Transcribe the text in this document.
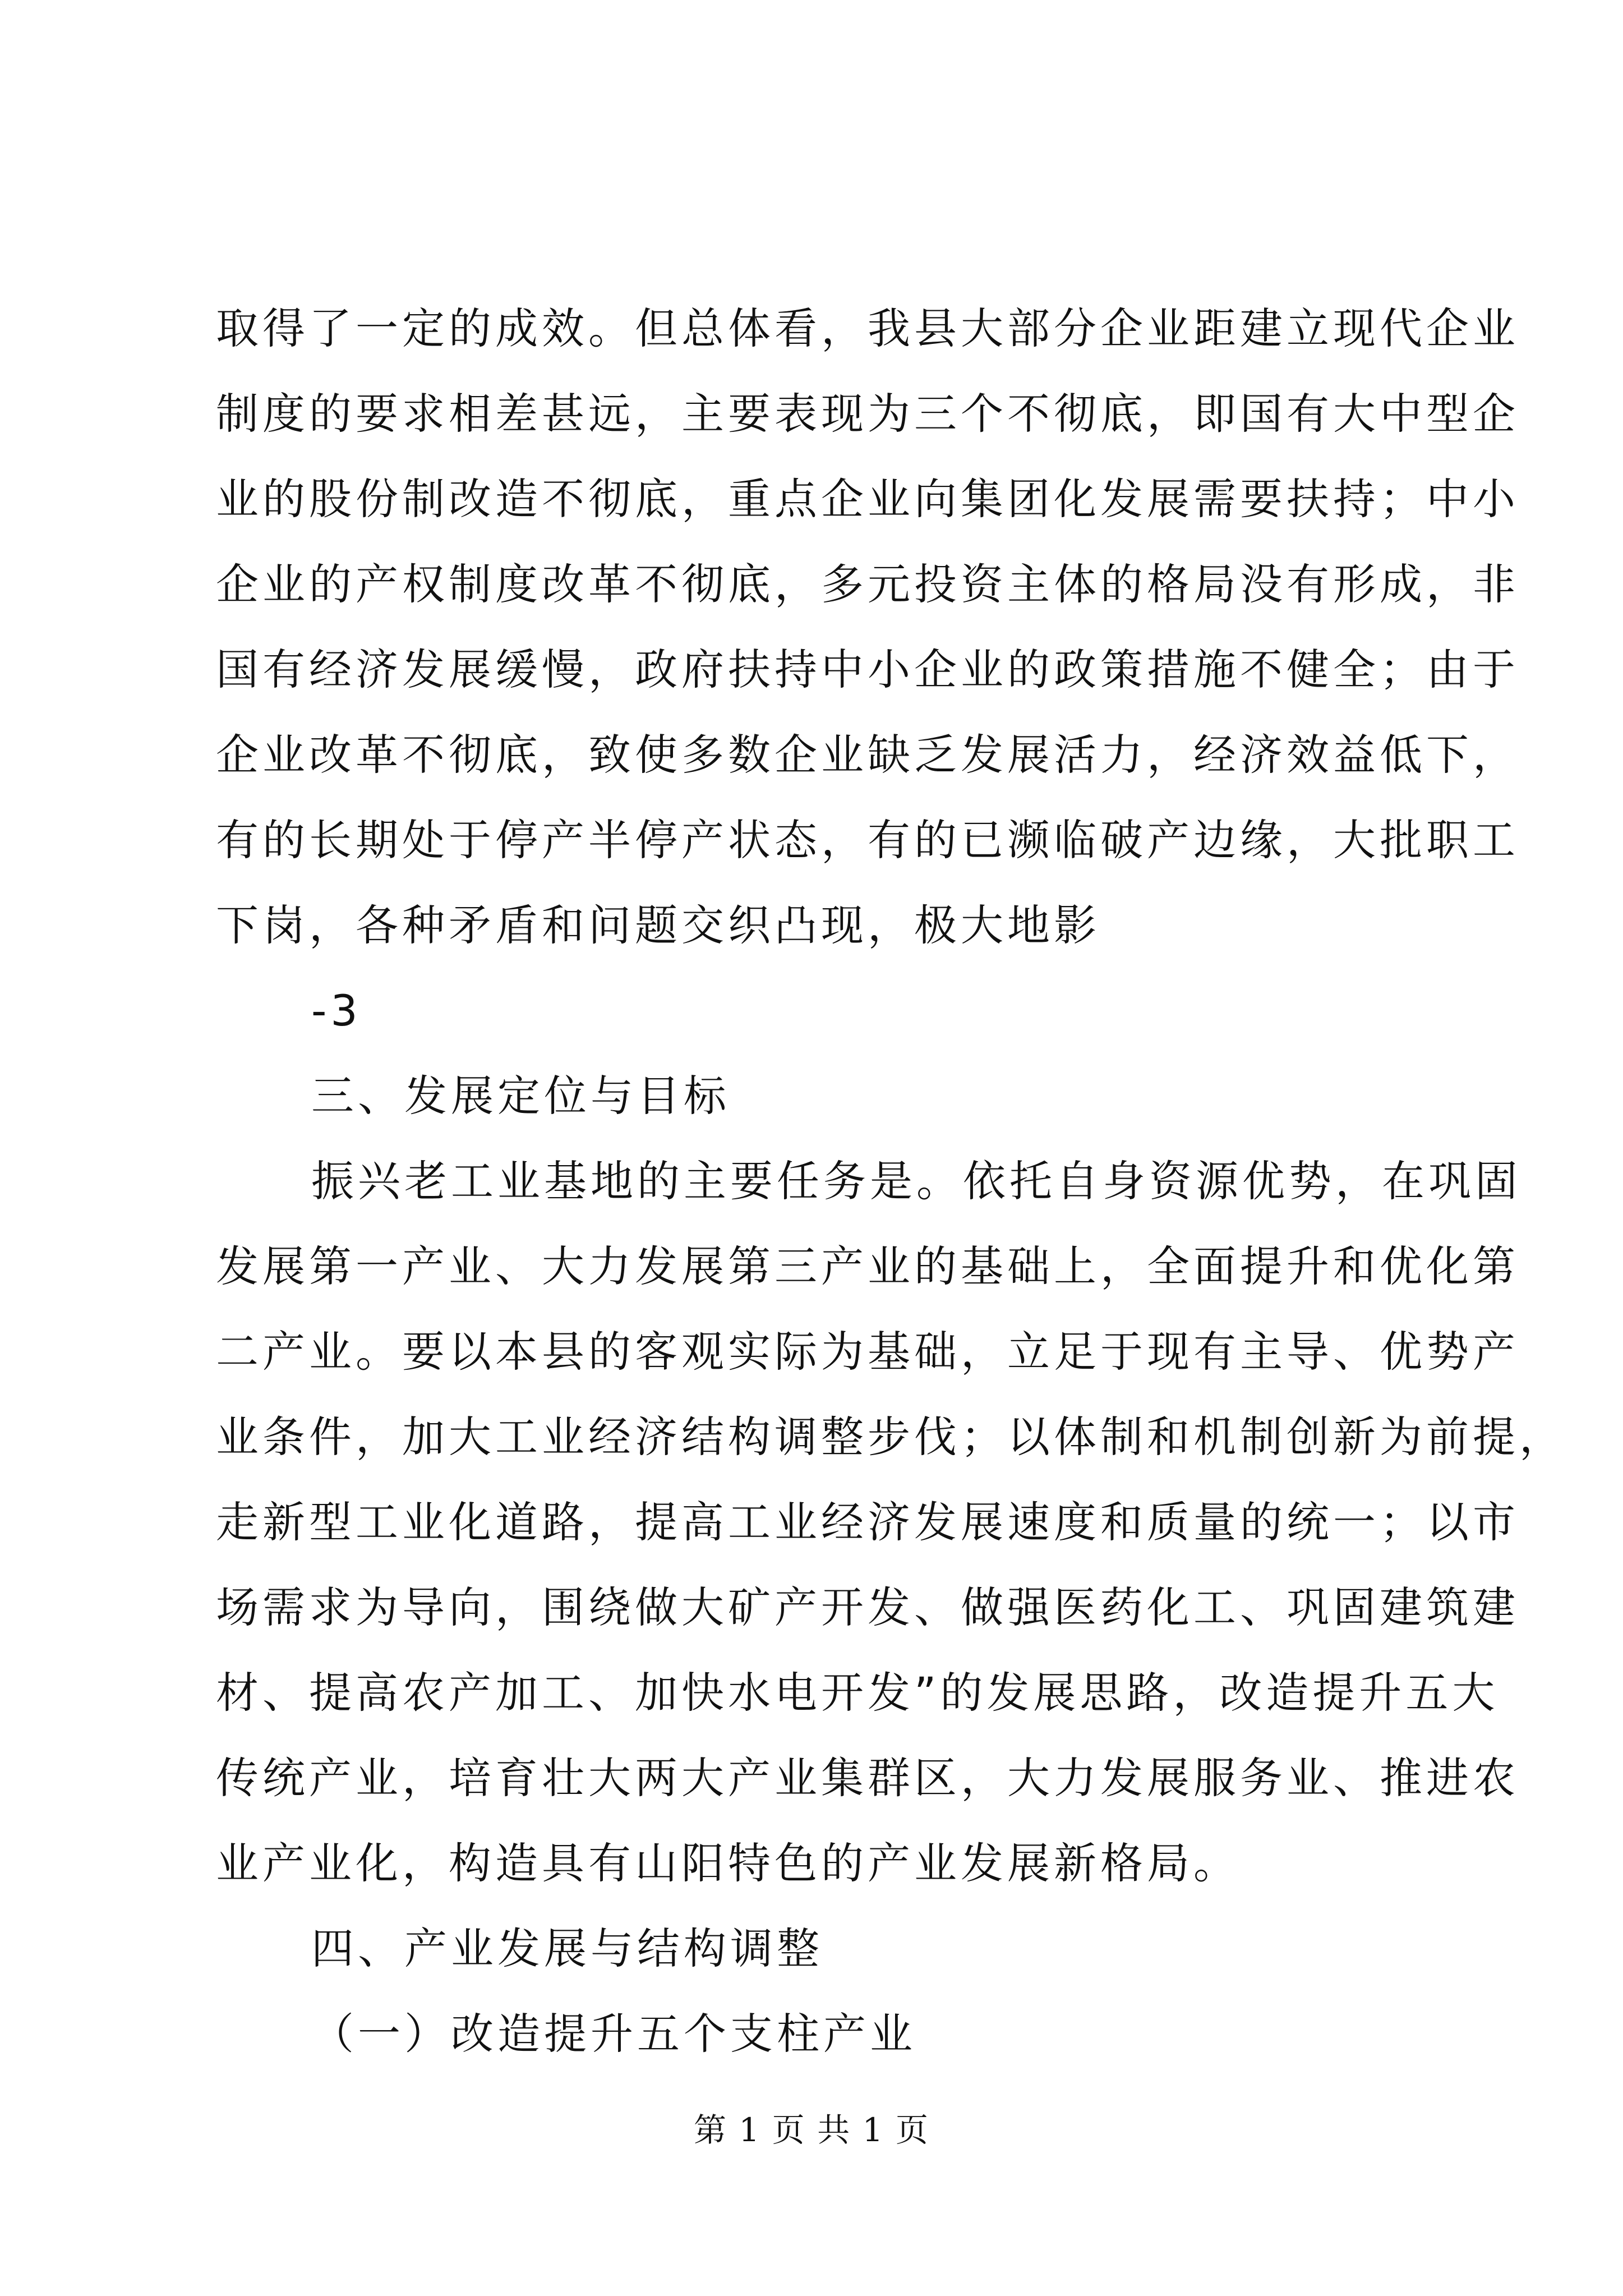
取得了一定的成效。但总体看，我县大部分企业距建立现代企业
制度的要求相差甚远，主要表现为三个不彻底，即国有大中型企
业的股份制改造不彻底，重点企业向集团化发展需要扶持；中小
企业的产权制度改革不彻底，多元投资主体的格局没有形成，非
国有经济发展缓慢，政府扶持中小企业的政策措施不健全；由于
企业改革不彻底，致使多数企业缺乏发展活力，经济效益低下，
有的长期处于停产半停产状态，有的已濒临破产边缘，大批职工
下岗，各种矛盾和问题交织凸现，极大地影
-3
三、发展定位与目标
振兴老工业基地的主要任务是。依托自身资源优势，在巩固
发展第一产业、大力发展第三产业的基础上，全面提升和优化第
二产业。要以本县的客观实际为基础，立足于现有主导、优势产
业条件，加大工业经济结构调整步伐；以体制和机制创新为前提，
走新型工业化道路，提高工业经济发展速度和质量的统一；以市
场需求为导向，围绕做大矿产开发、做强医药化工、巩固建筑建
材、提高农产加工、加快水电开发”的发展思路，改造提升五大
传统产业，培育壮大两大产业集群区，大力发展服务业、推进农
业产业化，构造具有山阳特色的产业发展新格局。
四、产业发展与结构调整
（一）改造提升五个支柱产业
第 1 页 共 1 页
